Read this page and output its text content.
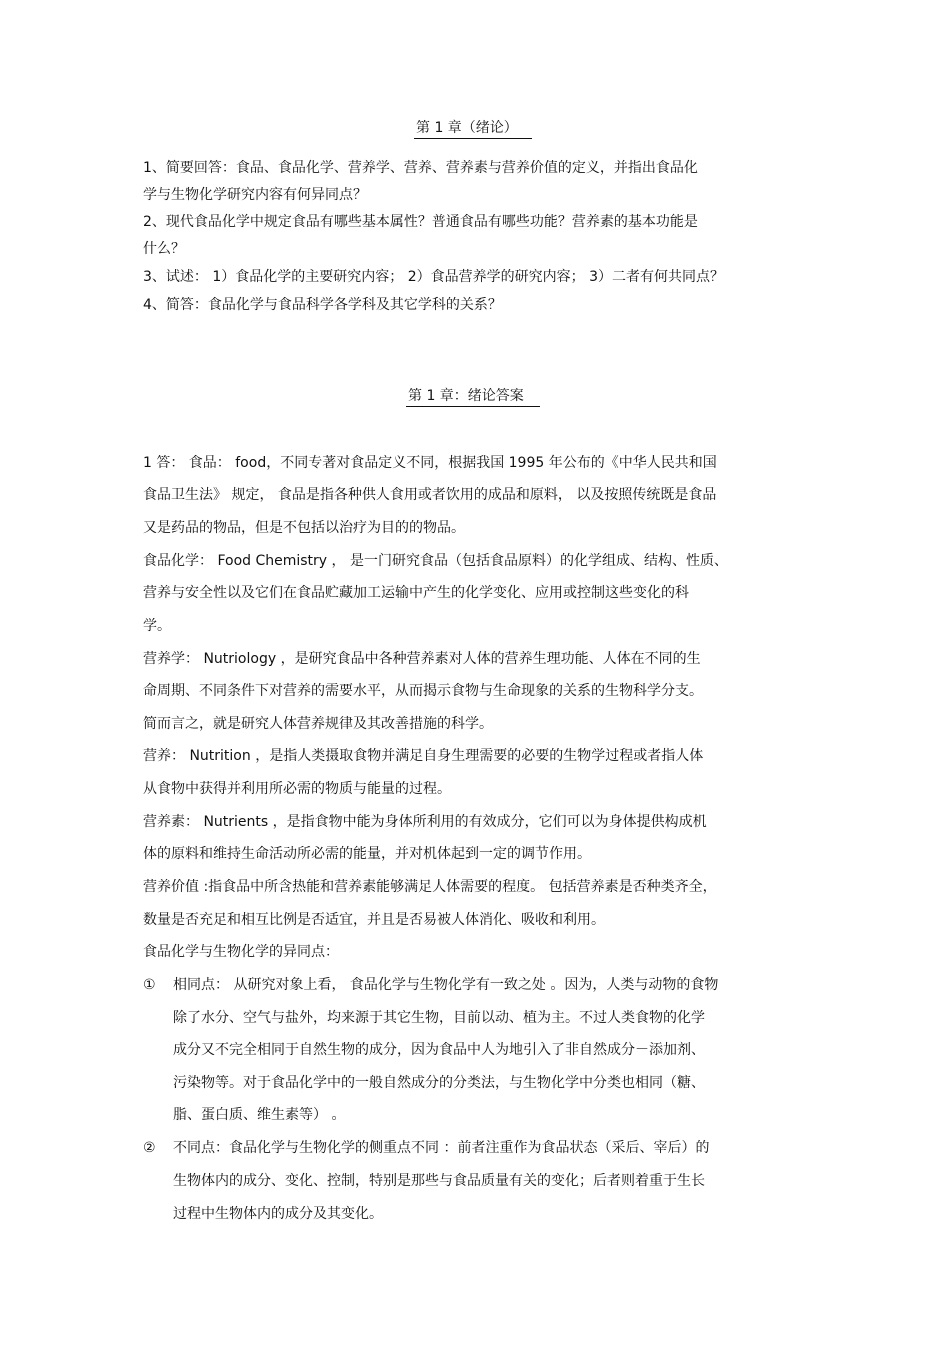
第 1 章（绪论）
1、简要回答：食品、食品化学、营养学、营养、营养素与营养价值的定义，并指出食品化
学与生物化学研究内容有何异同点？
2、现代食品化学中规定食品有哪些基本属性？普通食品有哪些功能？营养素的基本功能是
什么？
3、试述： 1）食品化学的主要研究内容； 2）食品营养学的研究内容； 3）二者有何共同点？
4、简答：食品化学与食品科学各学科及其它学科的关系？
第 1 章：绪论答案
1 答： 食品： food，不同专著对食品定义不同，根据我国 1995 年公布的《中华人民共和国
食品卫生法》 规定， 食品是指各种供人食用或者饮用的成品和原料， 以及按照传统既是食品
又是药品的物品，但是不包括以治疗为目的的物品。
食品化学： Food Chemistry ， 是一门研究食品（包括食品原料）的化学组成、结构、性质、
营养与安全性以及它们在食品贮藏加工运输中产生的化学变化、应用或控制这些变化的科
学。
营养学： Nutriology ，是研究食品中各种营养素对人体的营养生理功能、人体在不同的生
命周期、不同条件下对营养的需要水平，从而揭示食物与生命现象的关系的生物科学分支。
简而言之，就是研究人体营养规律及其改善措施的科学。
营养： Nutrition ，是指人类摄取食物并满足自身生理需要的必要的生物学过程或者指人体
从食物中获得并利用所必需的物质与能量的过程。
营养素： Nutrients ，是指食物中能为身体所利用的有效成分，它们可以为身体提供构成机
体的原料和维持生命活动所必需的能量，并对机体起到一定的调节作用。
营养价值 :指食品中所含热能和营养素能够满足人体需要的程度。 包括营养素是否种类齐全，
数量是否充足和相互比例是否适宜，并且是否易被人体消化、吸收和利用。
食品化学与生物化学的异同点：
① 相同点： 从研究对象上看， 食品化学与生物化学有一致之处 。因为，人类与动物的食物
除了水分、空气与盐外，均来源于其它生物，目前以动、植为主。不过人类食物的化学
成分又不完全相同于自然生物的成分，因为食品中人为地引入了非自然成分－添加剂、
污染物等。对于食品化学中的一般自然成分的分类法，与生物化学中分类也相同（糖、
脂、蛋白质、维生素等） 。
② 不同点：食品化学与生物化学的侧重点不同 ：前者注重作为食品状态（采后、宰后）的
生物体内的成分、变化、控制，特别是那些与食品质量有关的变化；后者则着重于生长
过程中生物体内的成分及其变化。
